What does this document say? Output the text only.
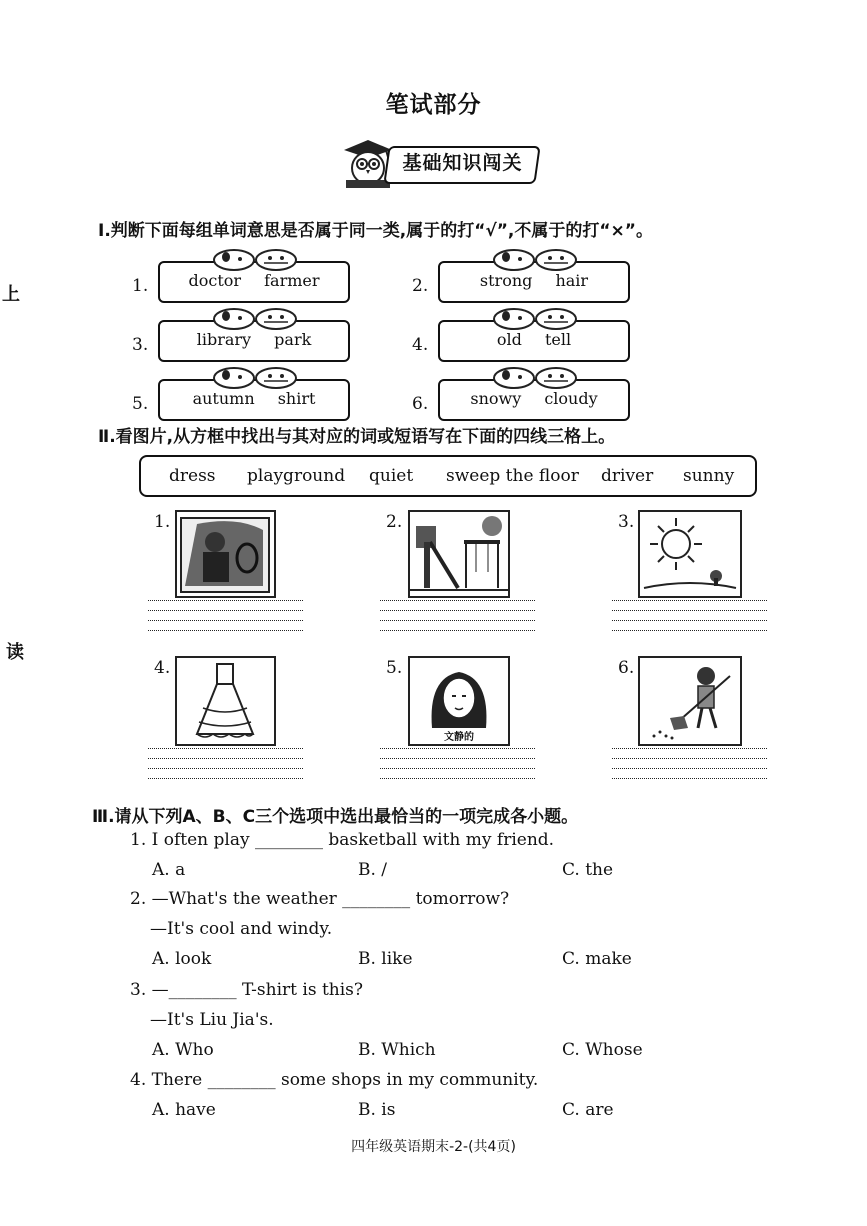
笔试部分
基础知识闯关
上
读
Ⅰ.判断下面每组单词意思是否属于同一类,属于的打“√”,不属于的打“×”。
1.	doctor farmer	2.	strong hair
3.	library park	4.	old tell
5.	autumn shirt	6.	snowy cloudy
Ⅱ.看图片,从方框中找出与其对应的词或短语写在下面的四线三格上。
dress playground quiet sweep the floor driver sunny
1.	2.	3.
4.	5.
文静的
6.
Ⅲ.请从下列A、B、C三个选项中选出最恰当的一项完成各小题。
1. I often play ________ basketball with my friend.
A. a	B. /	C. the
2. —What's the weather ________ tomorrow?
—It's cool and windy.
A. look	B. like	C. make
3. —________ T-shirt is this?
—It's Liu Jia's.
A. Who	B. Which	C. Whose
4. There ________ some shops in my community.
A. have	B. is	C. are
四年级英语期末-2-(共4页)
